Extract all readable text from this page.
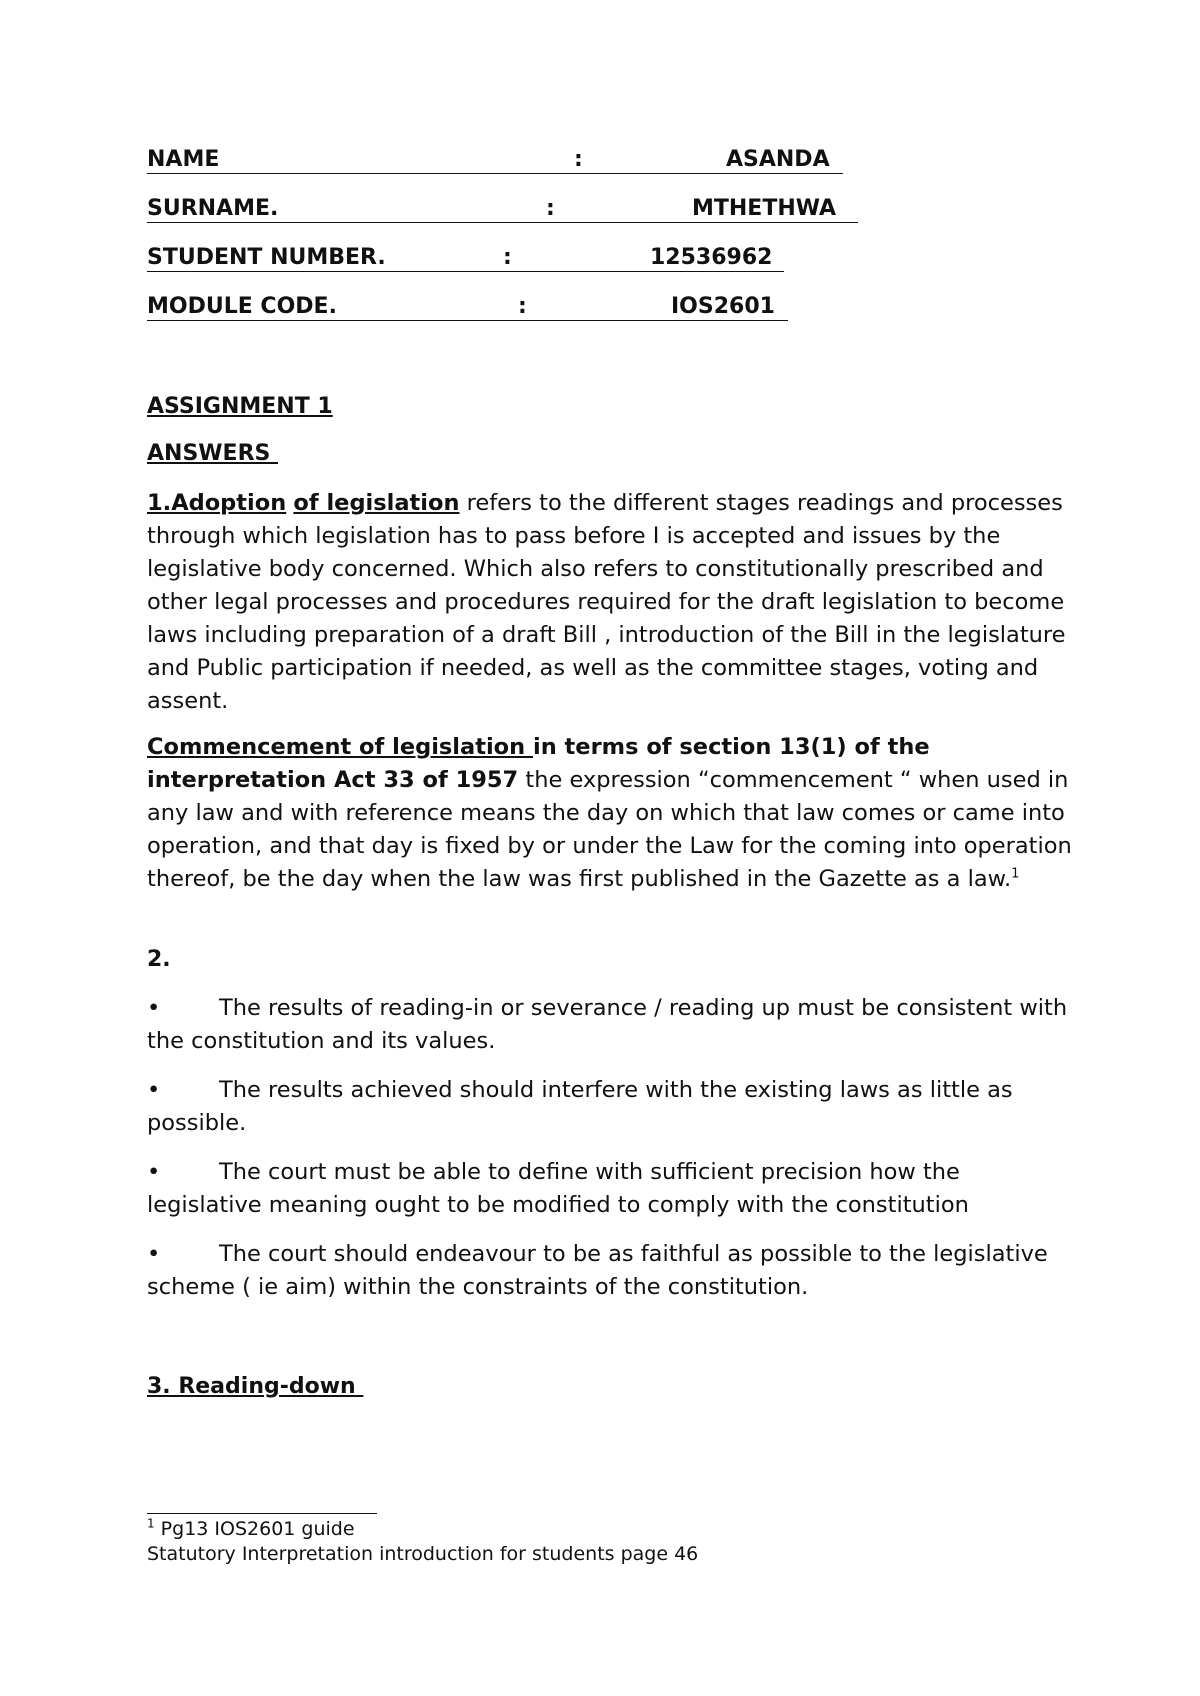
NAME	:	ASANDA
SURNAME.	:	MTHETHWA
STUDENT NUMBER.	:	12536962
MODULE CODE.	:	IOS2601
ASSIGNMENT 1
ANSWERS
1.Adoption of legislation refers to the different stages readings and processes through which legislation has to pass before I is accepted and issues by the legislative body concerned. Which also refers to constitutionally prescribed and other legal processes and procedures required for the draft legislation to become laws including preparation of a draft Bill , introduction of the Bill in the legislature and Public participation if needed, as well as the committee stages, voting and assent.
Commencement of legislation in terms of section 13(1) of the interpretation Act 33 of 1957 the expression “commencement “ when used in any law and with reference means the day on which that law comes or came into operation, and that day is fixed by or under the Law for the coming into operation thereof, be the day when the law was first published in the Gazette as a law.$^1$
2.
•	The results of reading-in or severance / reading up must be consistent with the constitution and its values.
•	The results achieved should interfere with the existing laws as little as possible.
•	The court must be able to define with sufficient precision how the legislative meaning ought to be modified to comply with the constitution
•	The court should endeavour to be as faithful as possible to the legislative scheme ( ie aim) within the constraints of the constitution.
3. Reading-down
$^1$ Pg13 IOS2601 guide
Statutory Interpretation introduction for students page 46
